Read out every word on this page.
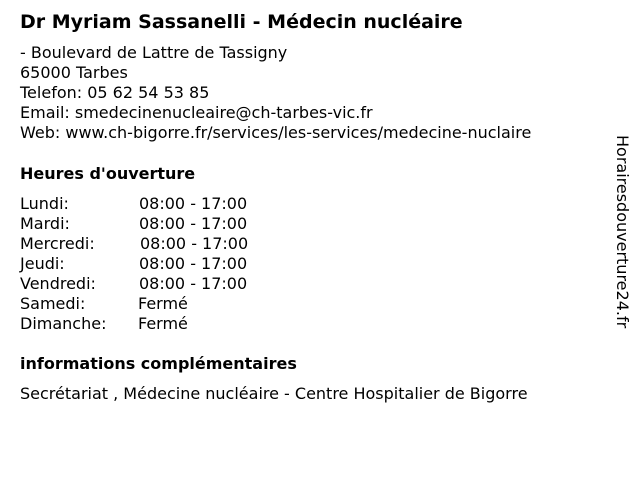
Dr Myriam Sassanelli - Médecin nucléaire
- Boulevard de Lattre de Tassigny
65000 Tarbes
Telefon: 05 62 54 53 85
Email: smedecinenucleaire@ch-tarbes-vic.fr
Web: www.ch-bigorre.fr/services/les-services/medecine-nuclaire
Heures d'ouverture
Lundi:	08:00 - 17:00
Mardi:	08:00 - 17:00
Mercredi:	08:00 - 17:00
Jeudi:	08:00 - 17:00
Vendredi:	08:00 - 17:00
Samedi:	Fermé
Dimanche: Fermé
informations complémentaires
Secrétariat , Médecine nucléaire - Centre Hospitalier de Bigorre
Horairesdouverture24.fr
